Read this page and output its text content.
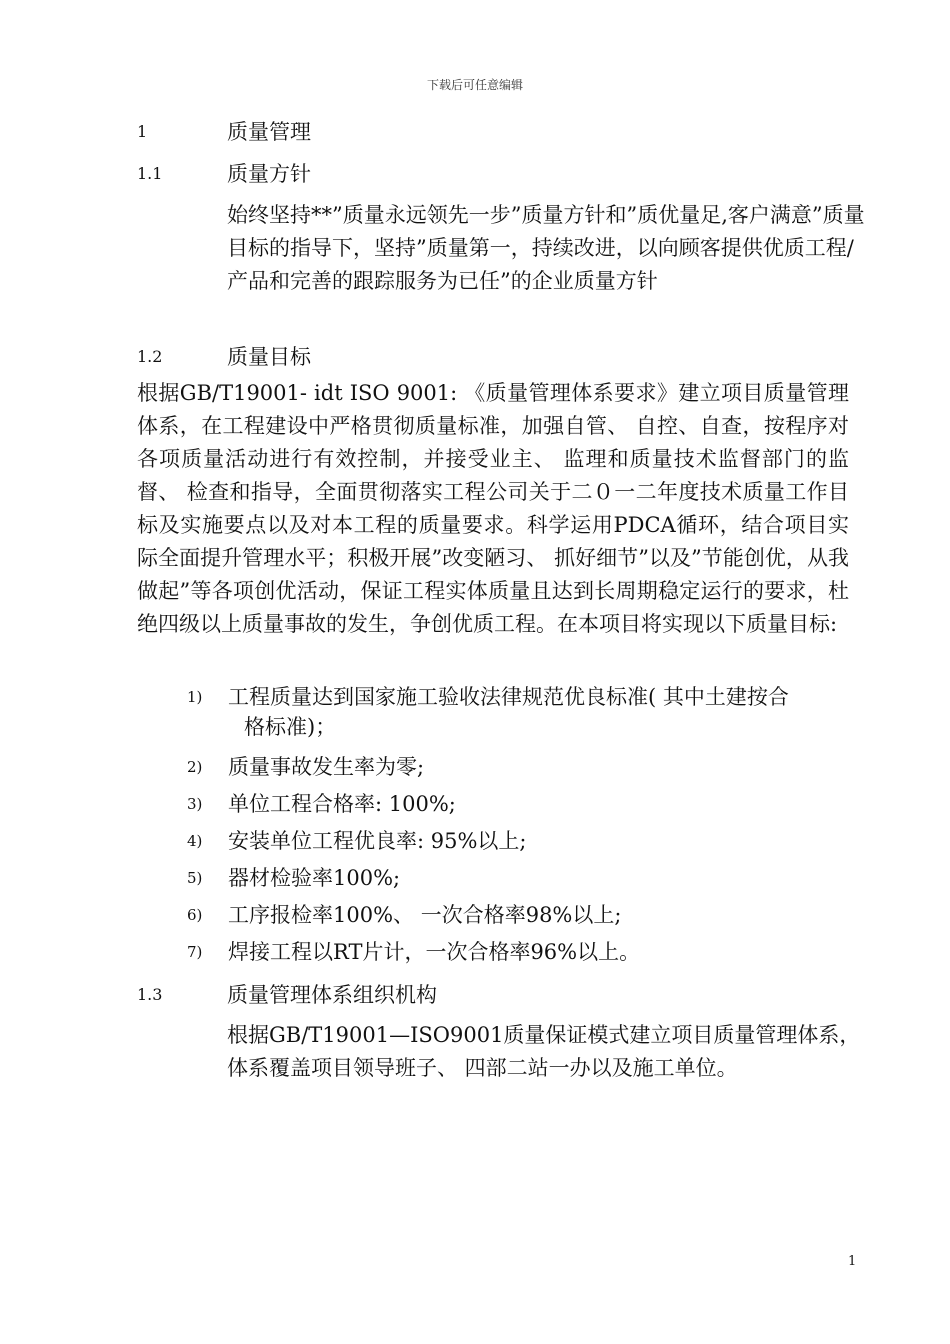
下载后可任意编辑
1	质量管理
1.1	质量方针

始终坚持**”质量永远领先一步”质量方针和”质优量足,客户满意”质量目标的指导下，坚持”质量第一，持续改进，以向顾客提供优质工程/产品和完善的跟踪服务为已任”的企业质量方针

1.2	质量目标

根据GB/T19001- idt ISO 9001: 《质量管理体系要求》建立项目质量管理体系，在工程建设中严格贯彻质量标准，加强自管、 自控、自查，按程序对各项质量活动进行有效控制，并接受业主、 监理和质量技术监督部门的监督、 检查和指导，全面贯彻落实工程公司关于二０一二年度技术质量工作目标及实施要点以及对本工程的质量要求。科学运用PDCA循环，结合项目实际全面提升管理水平；积极开展”改变陋习、 抓好细节”以及”节能创优，从我做起”等各项创优活动，保证工程实体质量且达到长周期稳定运行的要求，杜绝四级以上质量事故的发生，争创优质工程。在本项目将实现以下质量目标:

1) 工程质量达到国家施工验收法律规范优良标准( 其中土建按合
格标准)；
2) 质量事故发生率为零;
3) 单位工程合格率: 100%;
4) 安装单位工程优良率: 95%以上;
5) 器材检验率100%;
6) 工序报检率100%、 一次合格率98%以上;
7) 焊接工程以RT片计，一次合格率96%以上。
1.3	质量管理体系组织机构

根据GB/T19001—ISO9001质量保证模式建立项目质量管理体系，体系覆盖项目领导班子、 四部二站一办以及施工单位。

1
